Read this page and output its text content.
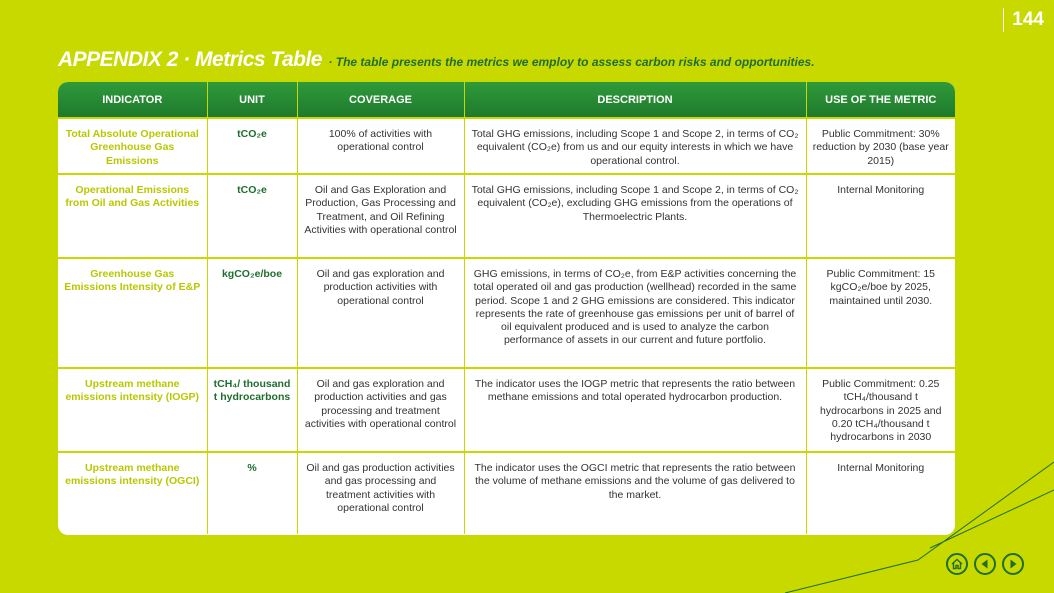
144
APPENDIX 2 · Metrics Table · The table presents the metrics we employ to assess carbon risks and opportunities.
INDICATOR	UNIT	COVERAGE	DESCRIPTION	USE OF THE METRIC
Total Absolute Operational Greenhouse Gas Emissions	tCO₂e	100% of activities with operational control	Total GHG emissions, including Scope 1 and Scope 2, in terms of CO₂ equivalent (CO₂e) from us and our equity interests in which we have operational control.	Public Commitment: 30% reduction by 2030 (base year 2015)
Operational Emissions from Oil and Gas Activities	tCO₂e	Oil and Gas Exploration and Production, Gas Processing and Treatment, and Oil Refining Activities with operational control	Total GHG emissions, including Scope 1 and Scope 2, in terms of CO₂ equivalent (CO₂e), excluding GHG emissions from the operations of Thermoelectric Plants.	Internal Monitoring
Greenhouse Gas Emissions Intensity of E&P	kgCO₂e/boe	Oil and gas exploration and production activities with operational control	GHG emissions, in terms of CO₂e, from E&P activities concerning the total operated oil and gas production (wellhead) recorded in the same period. Scope 1 and 2 GHG emissions are considered. This indicator represents the rate of greenhouse gas emissions per unit of barrel of oil equivalent produced and is used to analyze the carbon performance of assets in our current and future portfolio.	Public Commitment: 15 kgCO₂e/boe by 2025, maintained until 2030.
Upstream methane emissions intensity (IOGP)	tCH₄/ thousand t hydrocarbons	Oil and gas exploration and production activities and gas processing and treatment activities with operational control	The indicator uses the IOGP metric that represents the ratio between methane emissions and total operated hydrocarbon production.	Public Commitment: 0.25 tCH₄/thousand t hydrocarbons in 2025 and 0.20 tCH₄/thousand t hydrocarbons in 2030
Upstream methane emissions intensity (OGCI)	%	Oil and gas production activities and gas processing and treatment activities with operational control	The indicator uses the OGCI metric that represents the ratio between the volume of methane emissions and the volume of gas delivered to the market.	Internal Monitoring
